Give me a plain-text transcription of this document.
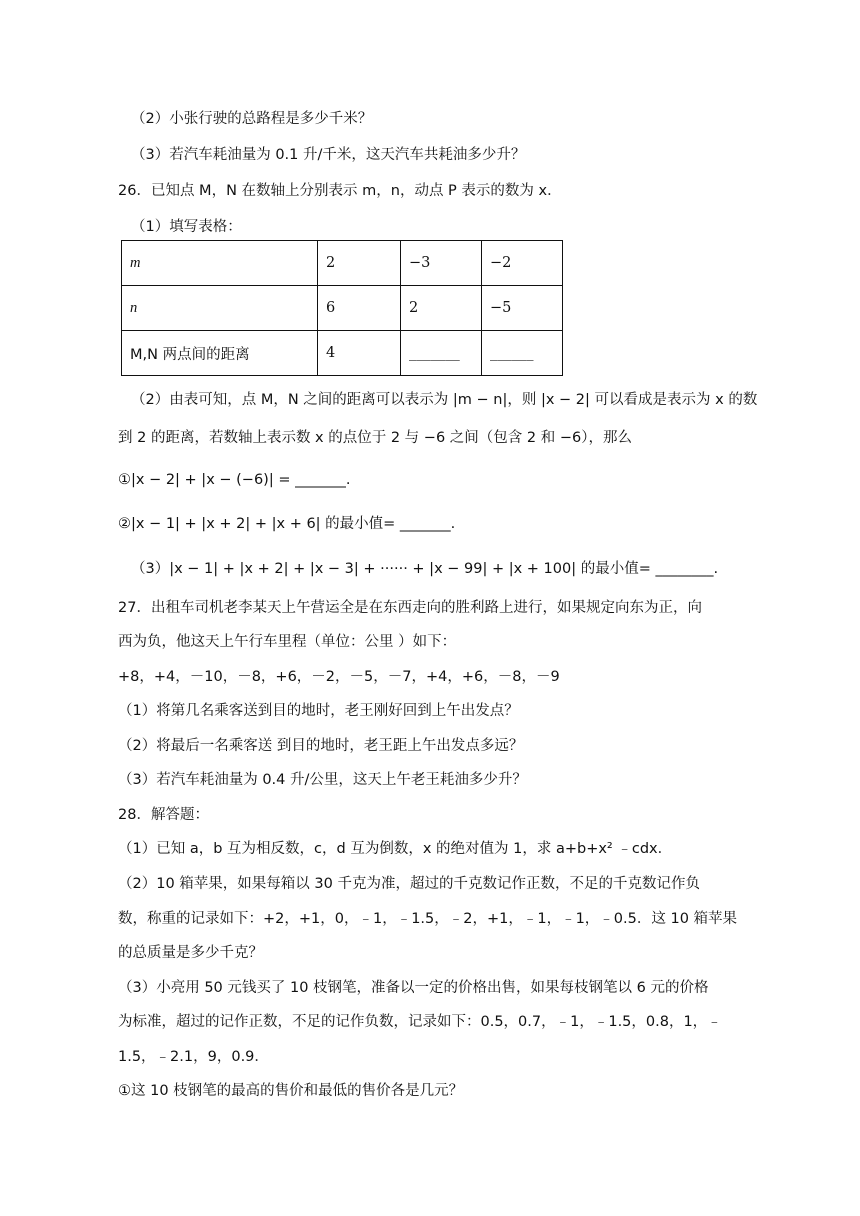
（2）小张行驶的总路程是多少千米？
（3）若汽车耗油量为 0.1 升/千米，这天汽车共耗油多少升？
26．已知点 M，N 在数轴上分别表示 m，n，动点 P 表示的数为 x．
（1）填写表格：
m	2	−3	−2
n	6	2	−5
M,N 两点间的距离	4	_______	______
（2）由表可知，点 M，N 之间的距离可以表示为 |m − n|，则 |x − 2| 可以看成是表示为 x 的数
到 2 的距离，若数轴上表示数 x 的点位于 2 与 −6 之间（包含 2 和 −6），那么
①|x − 2| + |x − (−6)| = _______.
②|x − 1| + |x + 2| + |x + 6| 的最小值= _______.
（3）|x − 1| + |x + 2| + |x − 3| + ······ + |x − 99| + |x + 100| 的最小值= ________.
27．出租车司机老李某天上午营运全是在东西走向的胜利路上进行，如果规定向东为正，向
西为负，他这天上午行车里程（单位：公里 ）如下：
+8，+4，－10，－8，+6，－2，－5，－7，+4，+6，－8，－9
（1）将第几名乘客送到目的地时，老王刚好回到上午出发点？
（2）将最后一名乘客送 到目的地时，老王距上午出发点多远？
（3）若汽车耗油量为 0.4 升/公里，这天上午老王耗油多少升？
28．解答题：
（1）已知 a，b 互为相反数，c，d 互为倒数，x 的绝对值为 1，求 a+b+x² ﹣cdx．
（2）10 箱苹果，如果每箱以 30 千克为准，超过的千克数记作正数，不足的千克数记作负
数，称重的记录如下：+2，+1，0，﹣1，﹣1.5，﹣2，+1，﹣1，﹣1，﹣0.5．这 10 箱苹果
的总质量是多少千克？
（3）小亮用 50 元钱买了 10 枝钢笔，准备以一定的价格出售，如果每枝钢笔以 6 元的价格
为标准，超过的记作正数，不足的记作负数，记录如下：0.5，0.7，﹣1，﹣1.5，0.8，1，﹣
1.5，﹣2.1，9，0.9．
①这 10 枝钢笔的最高的售价和最低的售价各是几元？
